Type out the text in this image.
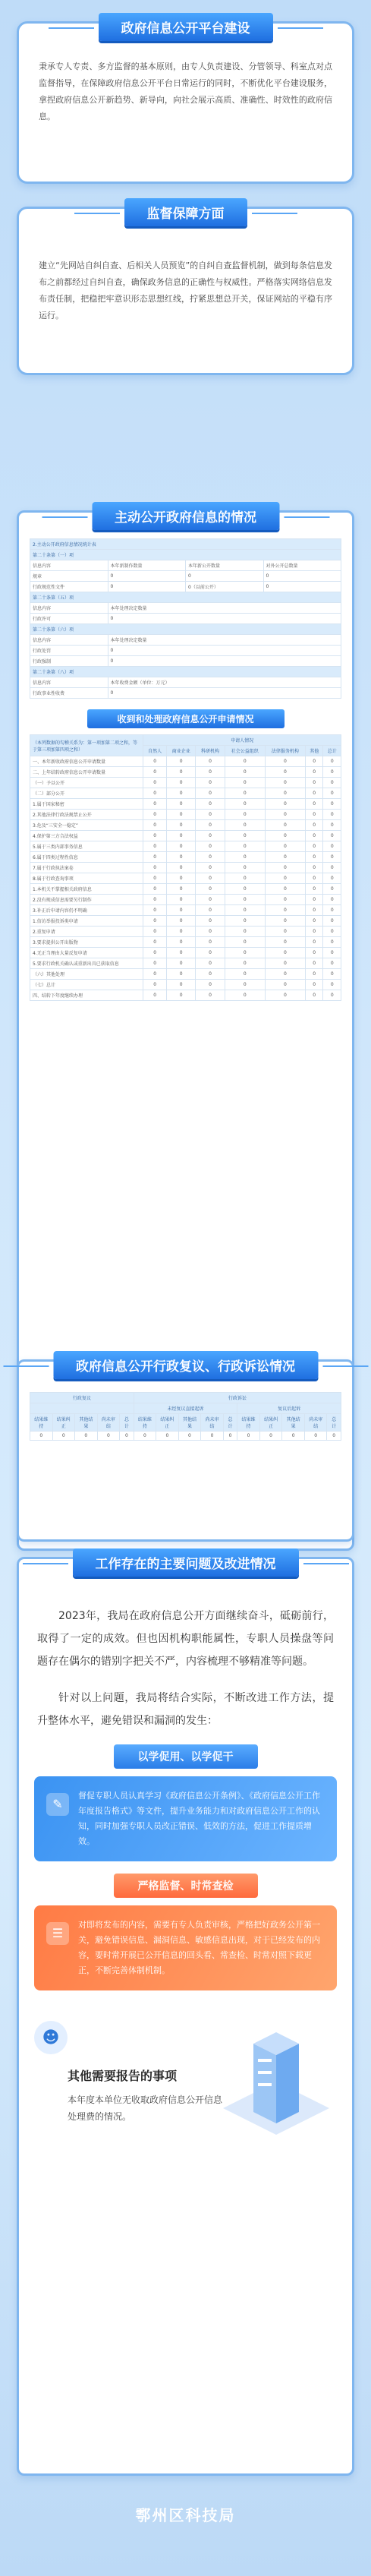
政府信息公开平台建设
秉承专人专责、多方监督的基本原则，由专人负责建设、分管领导、科室点对点监督指导，在保障政府信息公开平台日常运行的同时，不断优化平台建设服务，拿捏政府信息公开新趋势、新导向，向社会展示高质、准确性、时效性的政府信息。
监督保障方面
建立“先网站自纠自查、后相关人员预览”的自纠自查监督机制，做到每条信息发布之前都经过自纠自查，确保政务信息的正确性与权威性。严格落实网络信息发布责任制，把稳把牢意识形态思想红线，拧紧思想总开关，保证网站的平稳有序运行。
主动公开政府信息的情况
2.主动公开政府信息情况统计表			
第二十条第（一）项			
信息内容	本年新制作数量	本年新公开数量	对外公开总数量
规章	0	0	0
行政规范性文件	0	0（以前公开）	0
第二十条第（五）项			
信息内容	本年处理决定数量		
行政许可	0		
第二十条第（六）项			
信息内容	本年处理决定数量		
行政处罚	0		
行政强制	0		
第二十条第（八）项			
信息内容	本年收费金额（单位：万元）		
行政事业性收费	0		
收到和处理政府信息公开申请情况
（本列数据的勾稽关系为：第一项加第二项之和，等于第三项加第四项之和）	申请人情况						
	自然人	商业企业	科研机构	社会公益组织	法律服务机构	其他	总计
一、本年新收政府信息公开申请数量	0	0	0	0	0	0	0
二、上年结转政府信息公开申请数量	0	0	0	0	0	0	0
（一）予以公开	0	0	0	0	0	0	0
（二）部分公开	0	0	0	0	0	0	0
1.属于国家秘密	0	0	0	0	0	0	0
2.其他法律行政法规禁止公开	0	0	0	0	0	0	0
3.危及“三安全一稳定”	0	0	0	0	0	0	0
4.保护第三方合法权益	0	0	0	0	0	0	0
5.属于三类内部事务信息	0	0	0	0	0	0	0
6.属于四类过程性信息	0	0	0	0	0	0	0
7.属于行政执法案卷	0	0	0	0	0	0	0
8.属于行政查询事项	0	0	0	0	0	0	0
1.本机关不掌握相关政府信息	0	0	0	0	0	0	0
2.没有现成信息需要另行制作	0	0	0	0	0	0	0
3.补正后申请内容仍不明确	0	0	0	0	0	0	0
1.信访举报投诉类申请	0	0	0	0	0	0	0
2.重复申请	0	0	0	0	0	0	0
3.要求提供公开出版物	0	0	0	0	0	0	0
4.无正当理由大量反复申请	0	0	0	0	0	0	0
5.要求行政机关确认或重新出具已获取信息	0	0	0	0	0	0	0
（六）其他处理	0	0	0	0	0	0	0
（七）总计	0	0	0	0	0	0	0
四、结转下年度继续办理	0	0	0	0	0	0	0
政府信息公开行政复议、行政诉讼情况
行政复议					行政诉讼									
					未经复议直接起诉					复议后起诉				
结果维持	结果纠正	其他结果	尚未审结	总计	结果维持	结果纠正	其他结果	尚未审结	总计	结果维持	结果纠正	其他结果	尚未审结	总计
0	0	0	0	0	0	0	0	0	0	0	0	0	0	0
工作存在的主要问题及改进情况
2023年，我局在政府信息公开方面继续奋斗，砥砺前行，取得了一定的成效。但也因机构职能属性，专职人员操盘等问题存在偶尔的错别字把关不严，内容梳理不够精准等问题。
针对以上问题，我局将结合实际，不断改进工作方法，提升整体水平，避免错误和漏洞的发生：
以学促用、以学促干
✎
督促专职人员认真学习《政府信息公开条例》、《政府信息公开工作年度报告格式》等文件，提升业务能力和对政府信息公开工作的认知，同时加强专职人员改正错误、低效的方法，促进工作提质增效。
严格监督、时常查检
☰
对即将发布的内容，需要有专人负责审核，严格把好政务公开第一关，避免错误信息、漏洞信息、敏感信息出现，对于已经发布的内容，要时常开展已公开信息的回头看、常查检、时常对照下载更正，不断完善体制机制。
☻
其他需要报告的事项
本年度本单位无收取政府信息公开信息处理费的情况。
鄠州区科技局
